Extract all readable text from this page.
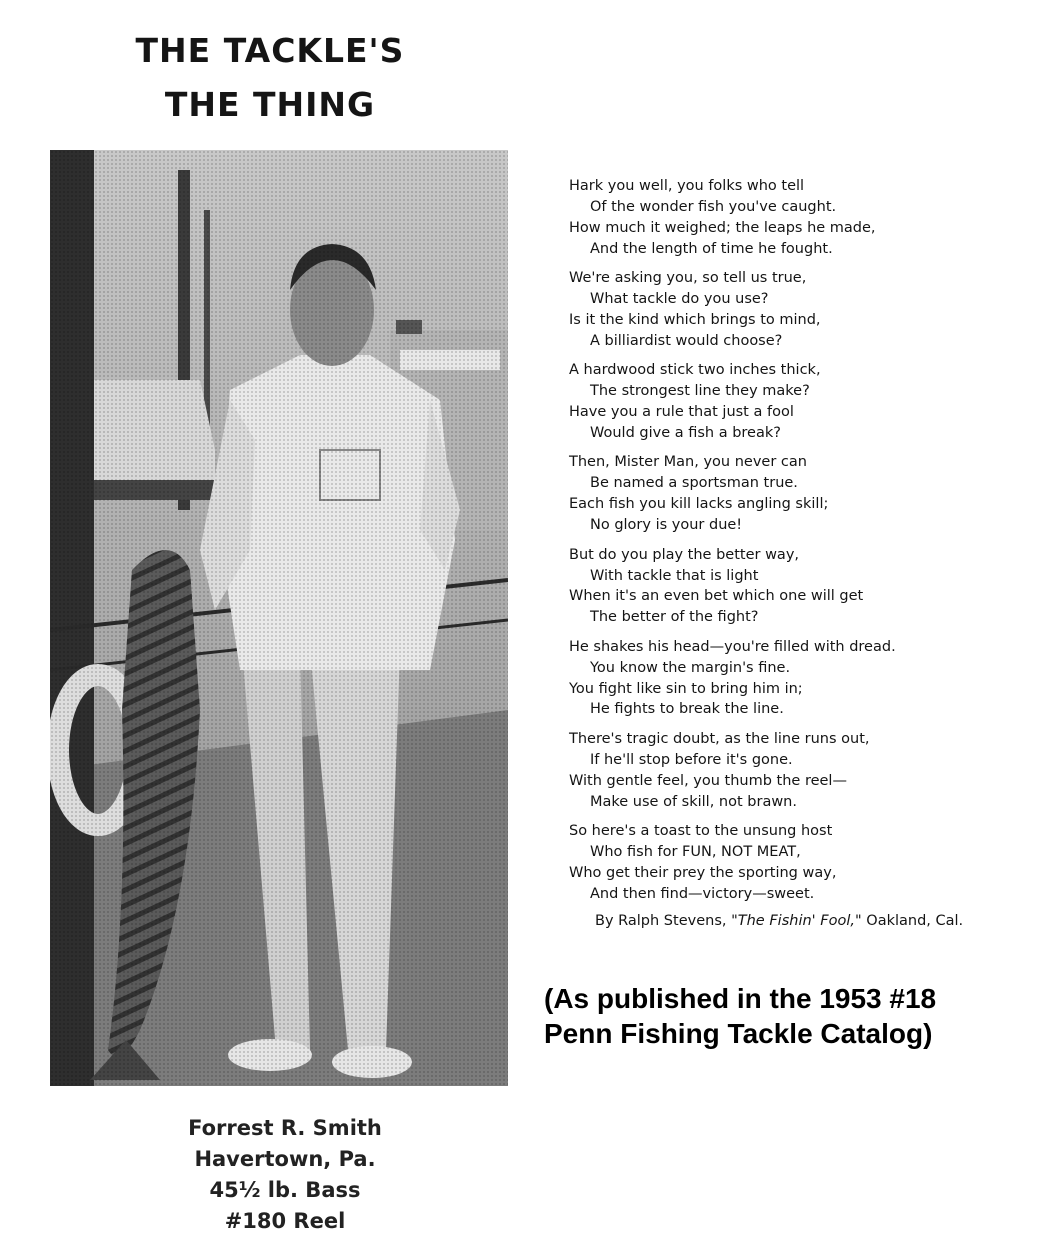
THE TACKLE'S
THE THING
Forrest R. Smith
Havertown, Pa.
45½ lb. Bass
#180 Reel
Hark you well, you folks who tell
Of the wonder fish you've caught.
How much it weighed; the leaps he made,
And the length of time he fought.
We're asking you, so tell us true,
What tackle do you use?
Is it the kind which brings to mind,
A billiardist would choose?
A hardwood stick two inches thick,
The strongest line they make?
Have you a rule that just a fool
Would give a fish a break?
Then, Mister Man, you never can
Be named a sportsman true.
Each fish you kill lacks angling skill;
No glory is your due!
But do you play the better way,
With tackle that is light
When it's an even bet which one will get
The better of the fight?
He shakes his head—you're filled with dread.
You know the margin's fine.
You fight like sin to bring him in;
He fights to break the line.
There's tragic doubt, as the line runs out,
If he'll stop before it's gone.
With gentle feel, you thumb the reel—
Make use of skill, not brawn.
So here's a toast to the unsung host
Who fish for FUN, NOT MEAT,
Who get their prey the sporting way,
And then find—victory—sweet.
By Ralph Stevens, "The Fishin' Fool," Oakland, Cal.
(As published in the 1953 #18
Penn Fishing Tackle Catalog)
